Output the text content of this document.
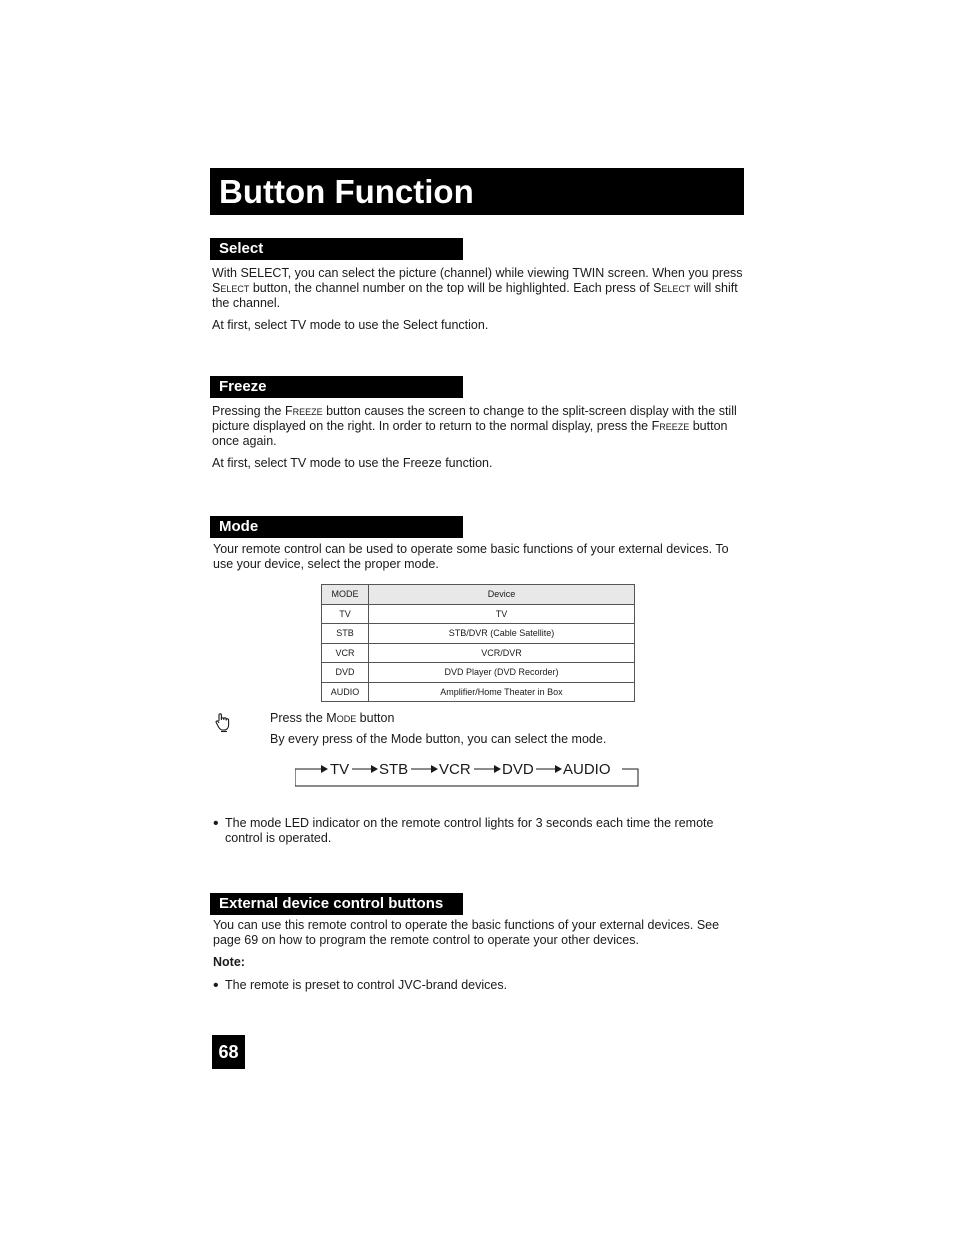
Button Function
Select

With SELECT, you can select the picture (channel) while viewing TWIN screen. When you press Select button, the channel number on the top will be highlighted. Each press of Select will shift the channel.

At first, select TV mode to use the Select function.

Freeze

Pressing the Freeze button causes the screen to change to the split-screen display with the still picture displayed on the right. In order to return to the normal display, press the Freeze button once again.

At first, select TV mode to use the Freeze function.

Mode

Your remote control can be used to operate some basic functions of your external devices. To use your device, select the proper mode.

MODE	Device
TV	TV
STB	STB/DVR (Cable Satellite)
VCR	VCR/DVR
DVD	DVD Player (DVD Recorder)
AUDIO	Amplifier/Home Theater in Box

Press the Mode button

By every press of the Mode button, you can select the mode.

TV STB VCR DVD AUDIO
• The mode LED indicator on the remote control lights for 3 seconds each time the remote control is operated.

External device control buttons

You can use this remote control to operate the basic functions of your external devices. See page 69 on how to program the remote control to operate your other devices.

Note:

• The remote is preset to control JVC-brand devices.

68
